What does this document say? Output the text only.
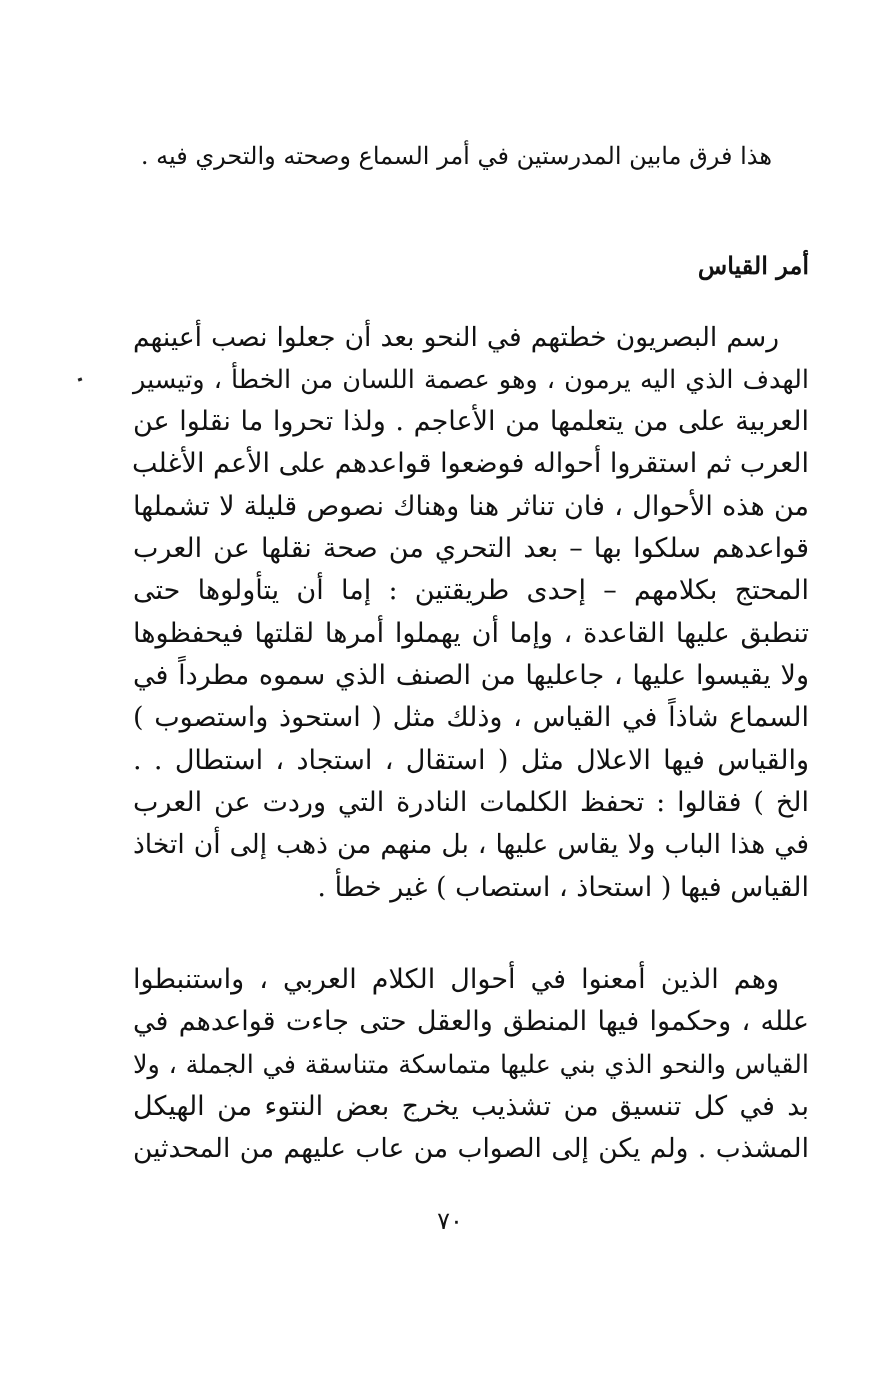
هذا فرق مابين المدرستين في أمر السماع وصحته والتحري فيه .
أمر القياس
رسم البصريون خطتهم في النحو بعد أن جعلوا نصب أعينهم
الهدف الذي اليه يرمون ، وهو عصمة اللسان من الخطأ ، وتيسير
العربية على من يتعلمها من الأعاجم . ولذا تحروا ما نقلوا عن
العرب ثم استقروا أحواله فوضعوا قواعدهم على الأعم الأغلب
من هذه الأحوال ، فان تناثر هنا وهناك نصوص قليلة لا تشملها
قواعدهم سلكوا بها – بعد التحري من صحة نقلها عن العرب
المحتج بكلامهم – إحدى طريقتين : إما أن يتأولوها حتى
تنطبق عليها القاعدة ، وإما أن يهملوا أمرها لقلتها فيحفظوها
ولا يقيسوا عليها ، جاعليها من الصنف الذي سموه مطرداً في
السماع شاذاً في القياس ، وذلك مثل ( استحوذ واستصوب )
والقياس فيها الاعلال مثل ( استقال ، استجاد ، استطال . .
الخ ) فقالوا : تحفظ الكلمات النادرة التي وردت عن العرب
في هذا الباب ولا يقاس عليها ، بل منهم من ذهب إلى أن اتخاذ
القياس فيها ( استحاذ ، استصاب ) غير خطأ .
وهم الذين أمعنوا في أحوال الكلام العربي ، واستنبطوا
علله ، وحكموا فيها المنطق والعقل حتى جاءت قواعدهم في
القياس والنحو الذي بني عليها متماسكة متناسقة في الجملة ، ولا
بد في كل تنسيق من تشذيب يخرج بعض النتوء من الهيكل
المشذب . ولم يكن إلى الصواب من عاب عليهم من المحدثين
٧٠
